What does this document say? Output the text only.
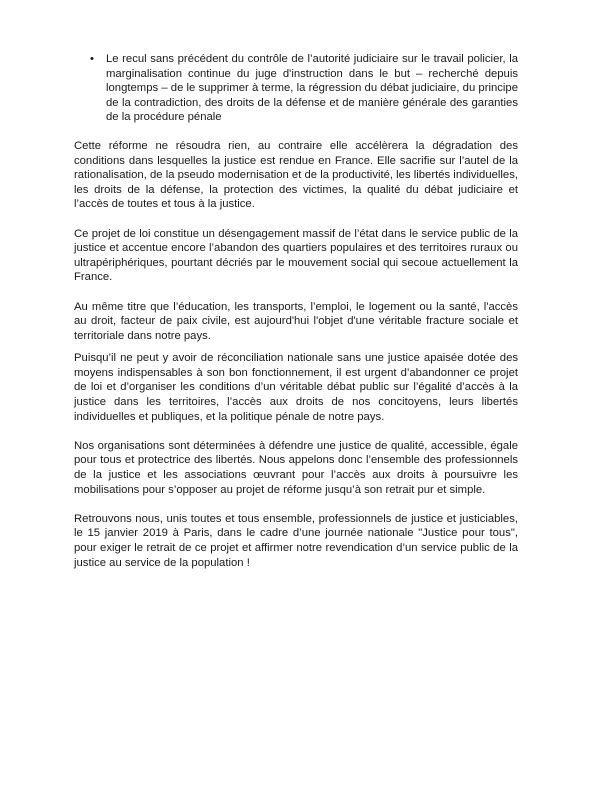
• Le recul sans précédent du contrôle de l’autorité judiciaire sur le travail policier, la marginalisation continue du juge d'instruction dans le but – recherché depuis longtemps – de le supprimer à terme, la régression du débat judiciaire, du principe de la contradiction, des droits de la défense et de manière générale des garanties de la procédure pénale

Cette réforme ne résoudra rien, au contraire elle accélèrera la dégradation des conditions dans lesquelles la justice est rendue en France. Elle sacrifie sur l’autel de la rationalisation, de la pseudo modernisation et de la productivité, les libertés individuelles, les droits de la défense, la protection des victimes, la qualité du débat judiciaire et l’accès de toutes et tous à la justice.

Ce projet de loi constitue un désengagement massif de l’état dans le service public de la justice et accentue encore l’abandon des quartiers populaires et des territoires ruraux ou ultrapériphériques, pourtant décriés par le mouvement social qui secoue actuellement la France.

Au même titre que l’éducation, les transports, l’emploi, le logement ou la santé, l'accès au droit, facteur de paix civile, est aujourd'hui l'objet d'une véritable fracture sociale et territoriale dans notre pays.

Puisqu’il ne peut y avoir de réconciliation nationale sans une justice apaisée dotée des moyens indispensables à son bon fonctionnement, il est urgent d’abandonner ce projet de loi et d’organiser les conditions d’un véritable débat public sur l’égalité d’accès à la justice dans les territoires, l’accès aux droits de nos concitoyens, leurs libertés individuelles et publiques, et la politique pénale de notre pays.

Nos organisations sont déterminées à défendre une justice de qualité, accessible, égale pour tous et protectrice des libertés. Nous appelons donc l’ensemble des professionnels de la justice et les associations œuvrant pour l’accès aux droits à poursuivre les mobilisations pour s’opposer au projet de réforme jusqu’à son retrait pur et simple.

Retrouvons nous, unis toutes et tous ensemble, professionnels de justice et justiciables, le 15 janvier 2019 à Paris, dans le cadre d’une journée nationale "Justice pour tous", pour exiger le retrait de ce projet et affirmer notre revendication d’un service public de la justice au service de la population !
